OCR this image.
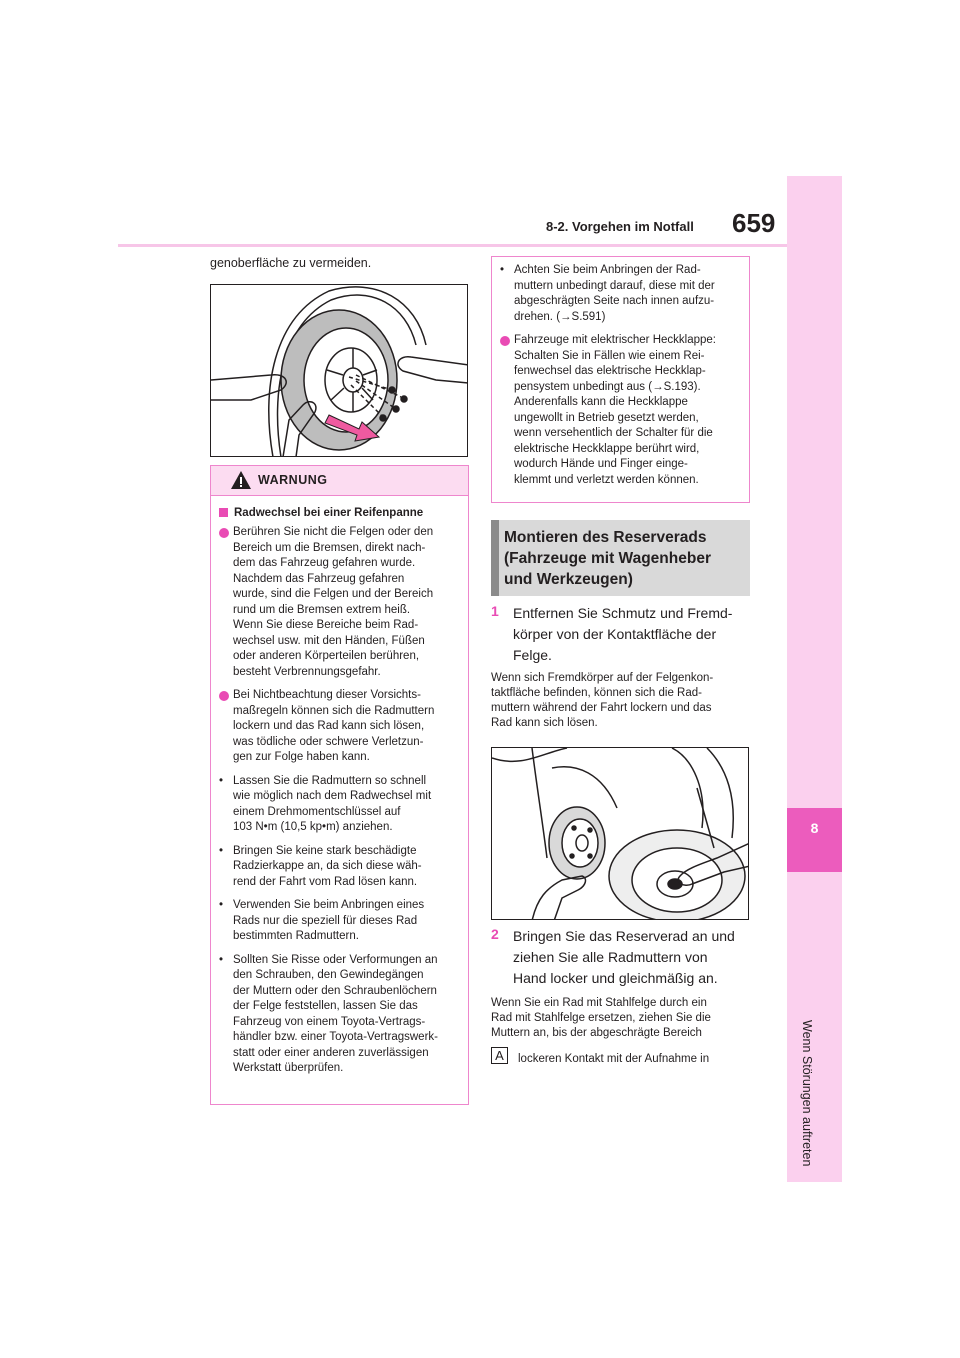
8-2. Vorgehen im Notfall 659
8
Wenn Störungen auftreten
genoberfläche zu vermeiden.
WARNUNG
Radwechsel bei einer Reifenpanne
Berühren Sie nicht die Felgen oder den
Bereich um die Bremsen, direkt nach-
dem das Fahrzeug gefahren wurde.
Nachdem das Fahrzeug gefahren
wurde, sind die Felgen und der Bereich
rund um die Bremsen extrem heiß.
Wenn Sie diese Bereiche beim Rad-
wechsel usw. mit den Händen, Füßen
oder anderen Körperteilen berühren,
besteht Verbrennungsgefahr.
Bei Nichtbeachtung dieser Vorsichts-
maßregeln können sich die Radmuttern
lockern und das Rad kann sich lösen,
was tödliche oder schwere Verletzun-
gen zur Folge haben kann.
• Lassen Sie die Radmuttern so schnell
wie möglich nach dem Radwechsel mit
einem Drehmomentschlüssel auf
103 N•m (10,5 kp•m) anziehen.
• Bringen Sie keine stark beschädigte
Radzierkappe an, da sich diese wäh-
rend der Fahrt vom Rad lösen kann.
• Verwenden Sie beim Anbringen eines
Rads nur die speziell für dieses Rad
bestimmten Radmuttern.
• Sollten Sie Risse oder Verformungen an
den Schrauben, den Gewindegängen
der Muttern oder den Schraubenlöchern
der Felge feststellen, lassen Sie das
Fahrzeug von einem Toyota-Vertrags-
händler bzw. einer Toyota-Vertragswerk-
statt oder einer anderen zuverlässigen
Werkstatt überprüfen.
• Achten Sie beim Anbringen der Rad-
muttern unbedingt darauf, diese mit der
abgeschrägten Seite nach innen aufzu-
drehen. (→S.591)
Fahrzeuge mit elektrischer Heckklappe:
Schalten Sie in Fällen wie einem Rei-
fenwechsel das elektrische Heckklap-
pensystem unbedingt aus (→S.193).
Anderenfalls kann die Heckklappe
ungewollt in Betrieb gesetzt werden,
wenn versehentlich der Schalter für die
elektrische Heckklappe berührt wird,
wodurch Hände und Finger einge-
klemmt und verletzt werden können.
Montieren des Reserverads
(Fahrzeuge mit Wagenheber
und Werkzeugen)
1	Entfernen Sie Schmutz und Fremd-
körper von der Kontaktfläche der
Felge.
Wenn sich Fremdkörper auf der Felgenkon-
taktfläche befinden, können sich die Rad-
muttern während der Fahrt lockern und das
Rad kann sich lösen.
2	Bringen Sie das Reserverad an und
ziehen Sie alle Radmuttern von
Hand locker und gleichmäßig an.
Wenn Sie ein Rad mit Stahlfelge durch ein
Rad mit Stahlfelge ersetzen, ziehen Sie die
Muttern an, bis der abgeschrägte Bereich
A	lockeren Kontakt mit der Aufnahme in
